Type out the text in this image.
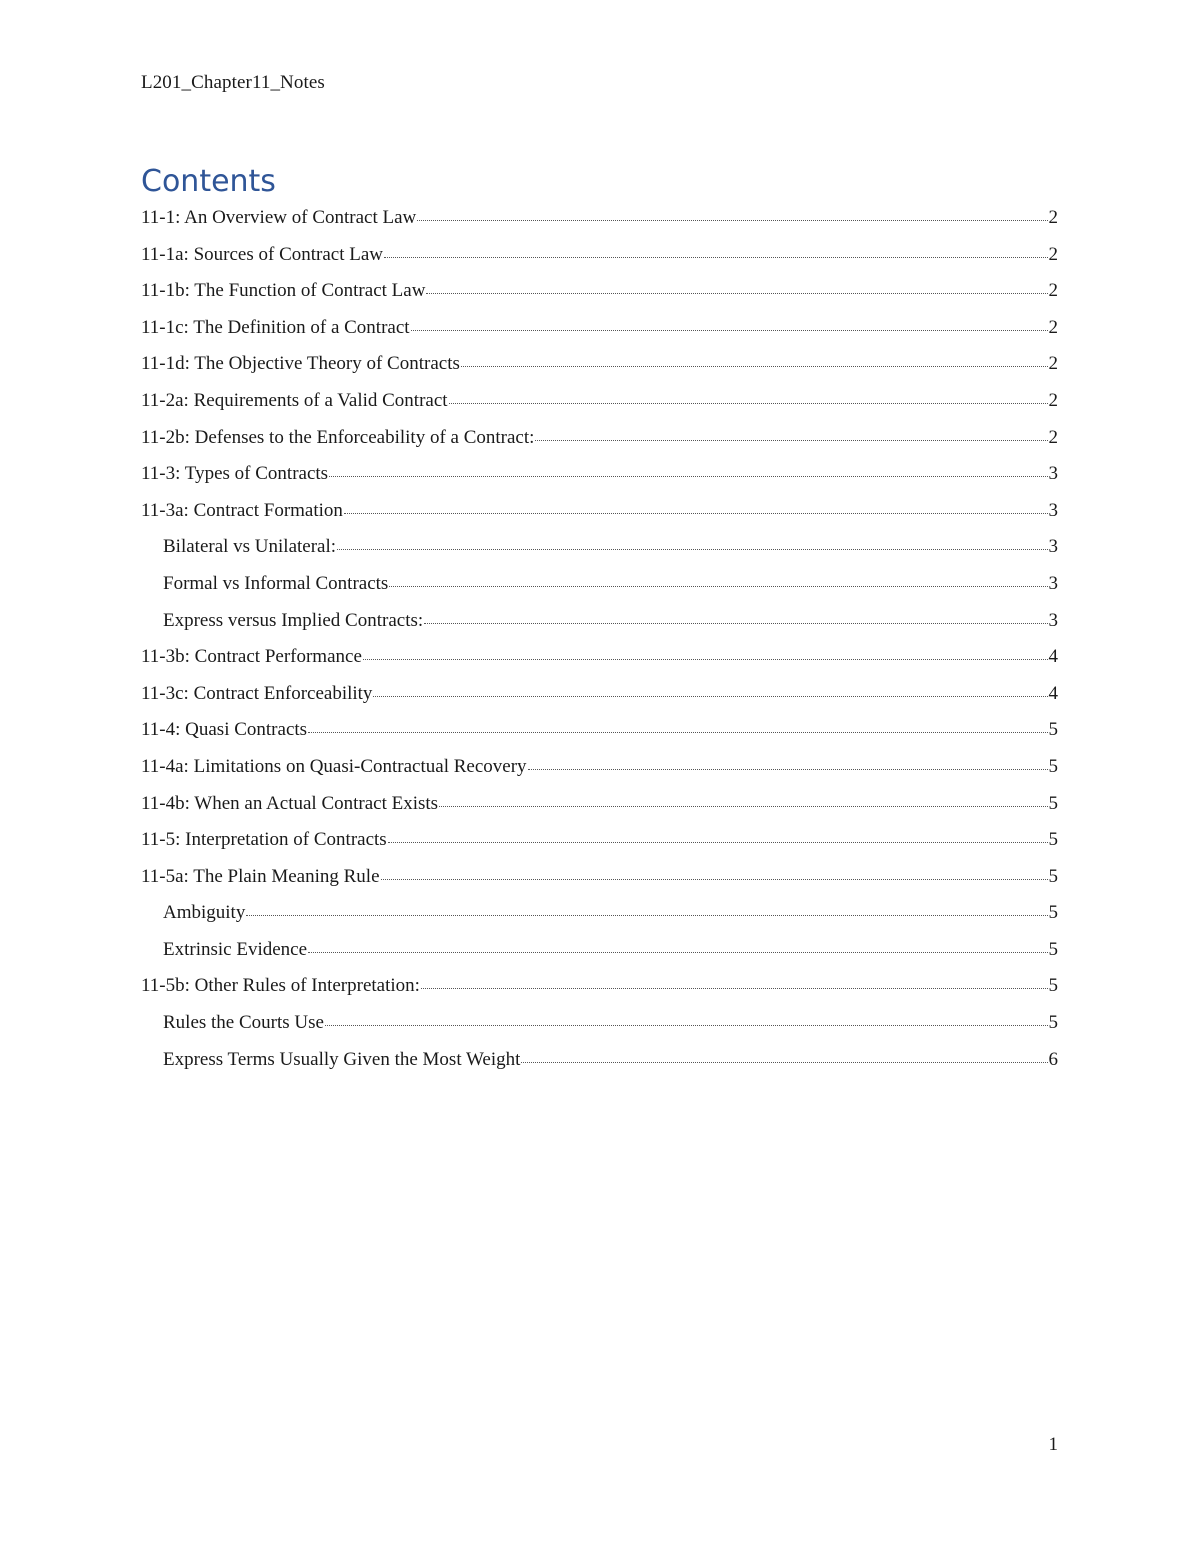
L201_Chapter11_Notes
Contents
11-1: An Overview of Contract Law	2
11-1a: Sources of Contract Law	2
11-1b: The Function of Contract Law	2
11-1c: The Definition of a Contract	2
11-1d: The Objective Theory of Contracts	2
11-2a: Requirements of a Valid Contract	2
11-2b: Defenses to the Enforceability of a Contract:	2
11-3: Types of Contracts	3
11-3a: Contract Formation	3
Bilateral vs Unilateral:	3
Formal vs Informal Contracts	3
Express versus Implied Contracts:	3
11-3b: Contract Performance	4
11-3c: Contract Enforceability	4
11-4: Quasi Contracts	5
11-4a: Limitations on Quasi-Contractual Recovery	5
11-4b: When an Actual Contract Exists	5
11-5: Interpretation of Contracts	5
11-5a: The Plain Meaning Rule	5
Ambiguity	5
Extrinsic Evidence	5
11-5b: Other Rules of Interpretation:	5
Rules the Courts Use	5
Express Terms Usually Given the Most Weight	6
1
